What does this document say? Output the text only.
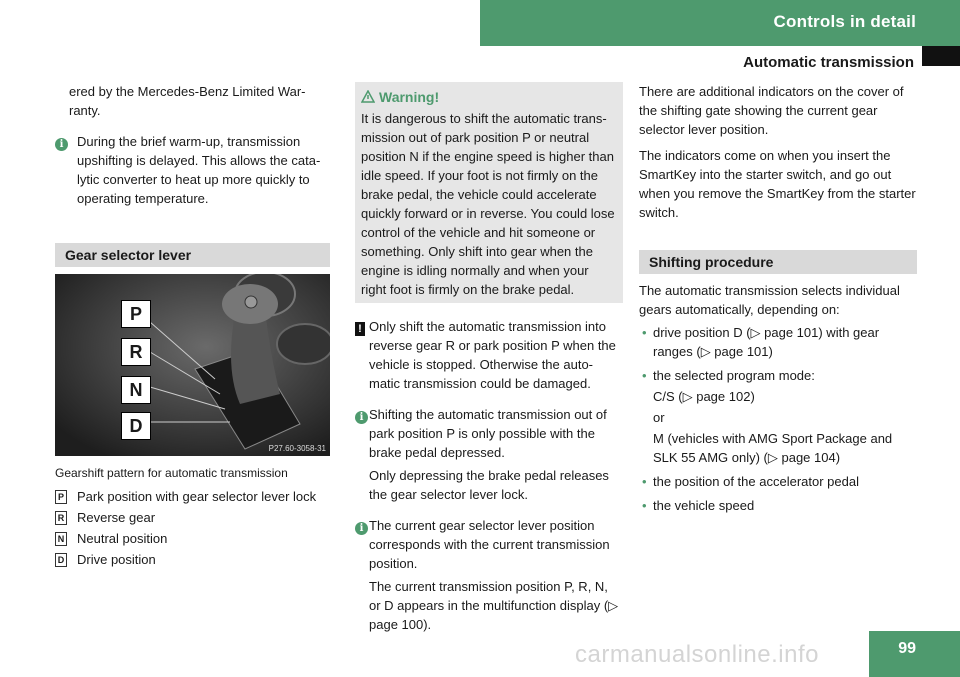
Controls in detail
Automatic transmission

ered by the Mercedes-Benz Limited War-ranty.

i	During the brief warm-up, transmission upshifting is delayed. This allows the cata-lytic converter to heat up more quickly to operating temperature.

Gear selector lever
P
R
N
D
P27.60-3058-31
Gearshift pattern for automatic transmission
P Park position with gear selector lever lock
R Reverse gear
N Neutral position
D Drive position
Warning!
It is dangerous to shift the automatic trans-mission out of park position P or neutral position N if the engine speed is higher than idle speed. If your foot is not firmly on the brake pedal, the vehicle could accelerate quickly forward or in reverse. You could lose control of the vehicle and hit someone or something. Only shift into gear when the engine is idling normally and when your right foot is firmly on the brake pedal.

! Only shift the automatic transmission into reverse gear R or park position P when the vehicle is stopped. Otherwise the auto-matic transmission could be damaged.

i Shifting the automatic transmission out of park position P is only possible with the brake pedal depressed.

Only depressing the brake pedal releases the gear selector lever lock.

i The current gear selector lever position corresponds with the current transmission position.

The current transmission position P, R, N, or D appears in the multifunction display (▷ page 100).

There are additional indicators on the cover of the shifting gate showing the current gear selector lever position.

The indicators come on when you insert the SmartKey into the starter switch, and go out when you remove the SmartKey from the starter switch.

Shifting procedure

The automatic transmission selects individual gears automatically, depending on:

• drive position D (▷ page 101) with gear ranges (▷ page 101)
• the selected program mode:
C/S (▷ page 102)
or
M (vehicles with AMG Sport Package and SLK 55 AMG only) (▷ page 104)
• the position of the accelerator pedal
• the vehicle speed
carmanualsonline.info	99
